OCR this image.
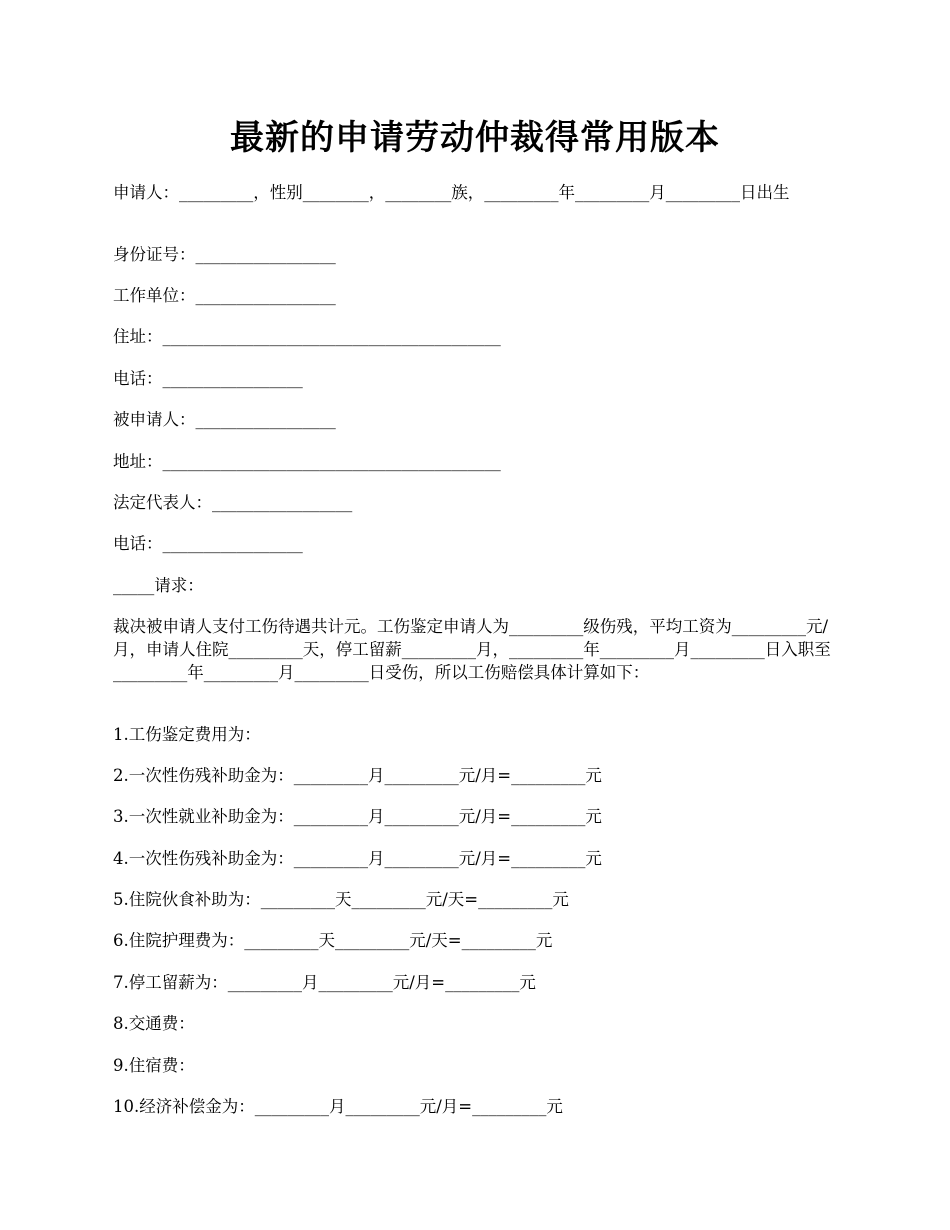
最新的申请劳动仲裁得常用版本

申请人：_________，性别________，________族，_________年_________月_________日出生

身份证号：_________________

工作单位：_________________

住址：_________________________________________

电话：_________________

被申请人：_________________

地址：_________________________________________

法定代表人：_________________

电话：_________________

_____请求：

裁决被申请人支付工伤待遇共计元。工伤鉴定申请人为_________级伤残，平均工资为_________元/月，申请人住院_________天，停工留薪_________月，_________年_________月_________日入职至_________年_________月_________日受伤，所以工伤赔偿具体计算如下：

1.工伤鉴定费用为：

2.一次性伤残补助金为：_________月_________元/月=_________元

3.一次性就业补助金为：_________月_________元/月=_________元

4.一次性伤残补助金为：_________月_________元/月=_________元

5.住院伙食补助为：_________天_________元/天=_________元

6.住院护理费为：_________天_________元/天=_________元

7.停工留薪为：_________月_________元/月=_________元

8.交通费：

9.住宿费：

10.经济补偿金为：_________月_________元/月=_________元
